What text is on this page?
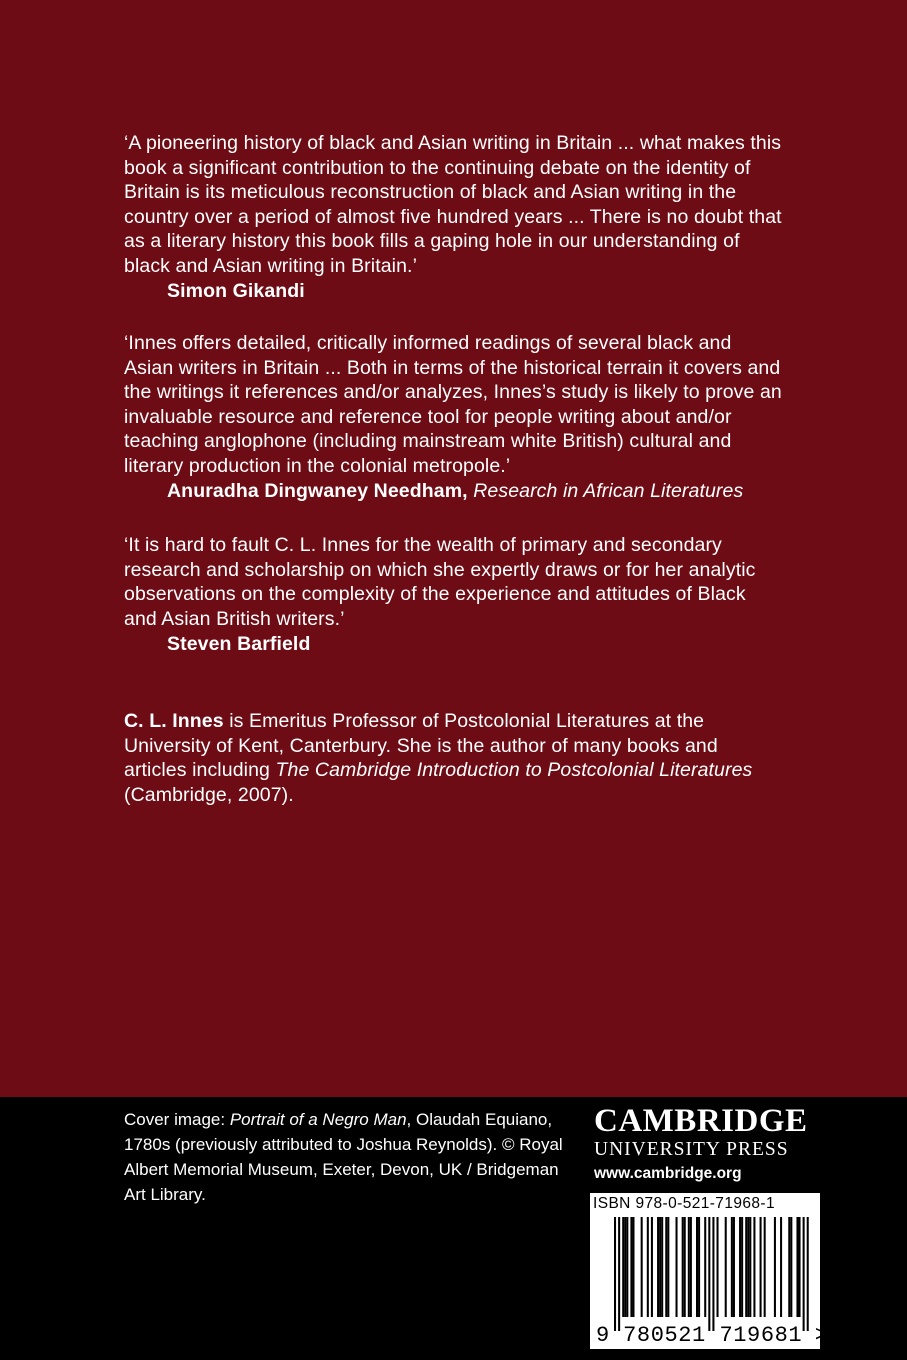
‘A pioneering history of black and Asian writing in Britain ... what makes this book a significant contribution to the continuing debate on the identity of Britain is its meticulous reconstruction of black and Asian writing in the country over a period of almost five hundred years ... There is no doubt that as a literary history this book fills a gaping hole in our understanding of black and Asian writing in Britain.’

Simon Gikandi

‘Innes offers detailed, critically informed readings of several black and Asian writers in Britain ... Both in terms of the historical terrain it covers and the writings it references and/or analyzes, Innes’s study is likely to prove an invaluable resource and reference tool for people writing about and/or teaching anglophone (including mainstream white British) cultural and literary production in the colonial metropole.’

Anuradha Dingwaney Needham, Research in African Literatures

‘It is hard to fault C. L. Innes for the wealth of primary and secondary research and scholarship on which she expertly draws or for her analytic observations on the complexity of the experience and attitudes of Black and Asian British writers.’

Steven Barfield

C. L. Innes is Emeritus Professor of Postcolonial Literatures at the University of Kent, Canterbury. She is the author of many books and articles including The Cambridge Introduction to Postcolonial Literatures (Cambridge, 2007).

Cover image: Portrait of a Negro Man, Olaudah Equiano, 1780s (previously attributed to Joshua Reynolds). © Royal Albert Memorial Museum, Exeter, Devon, UK / Bridgeman Art Library.
CAMBRIDGE
UNIVERSITY PRESS
www.cambridge.org
9 780521 719681 >
ISBN 978-0-521-71968-1
